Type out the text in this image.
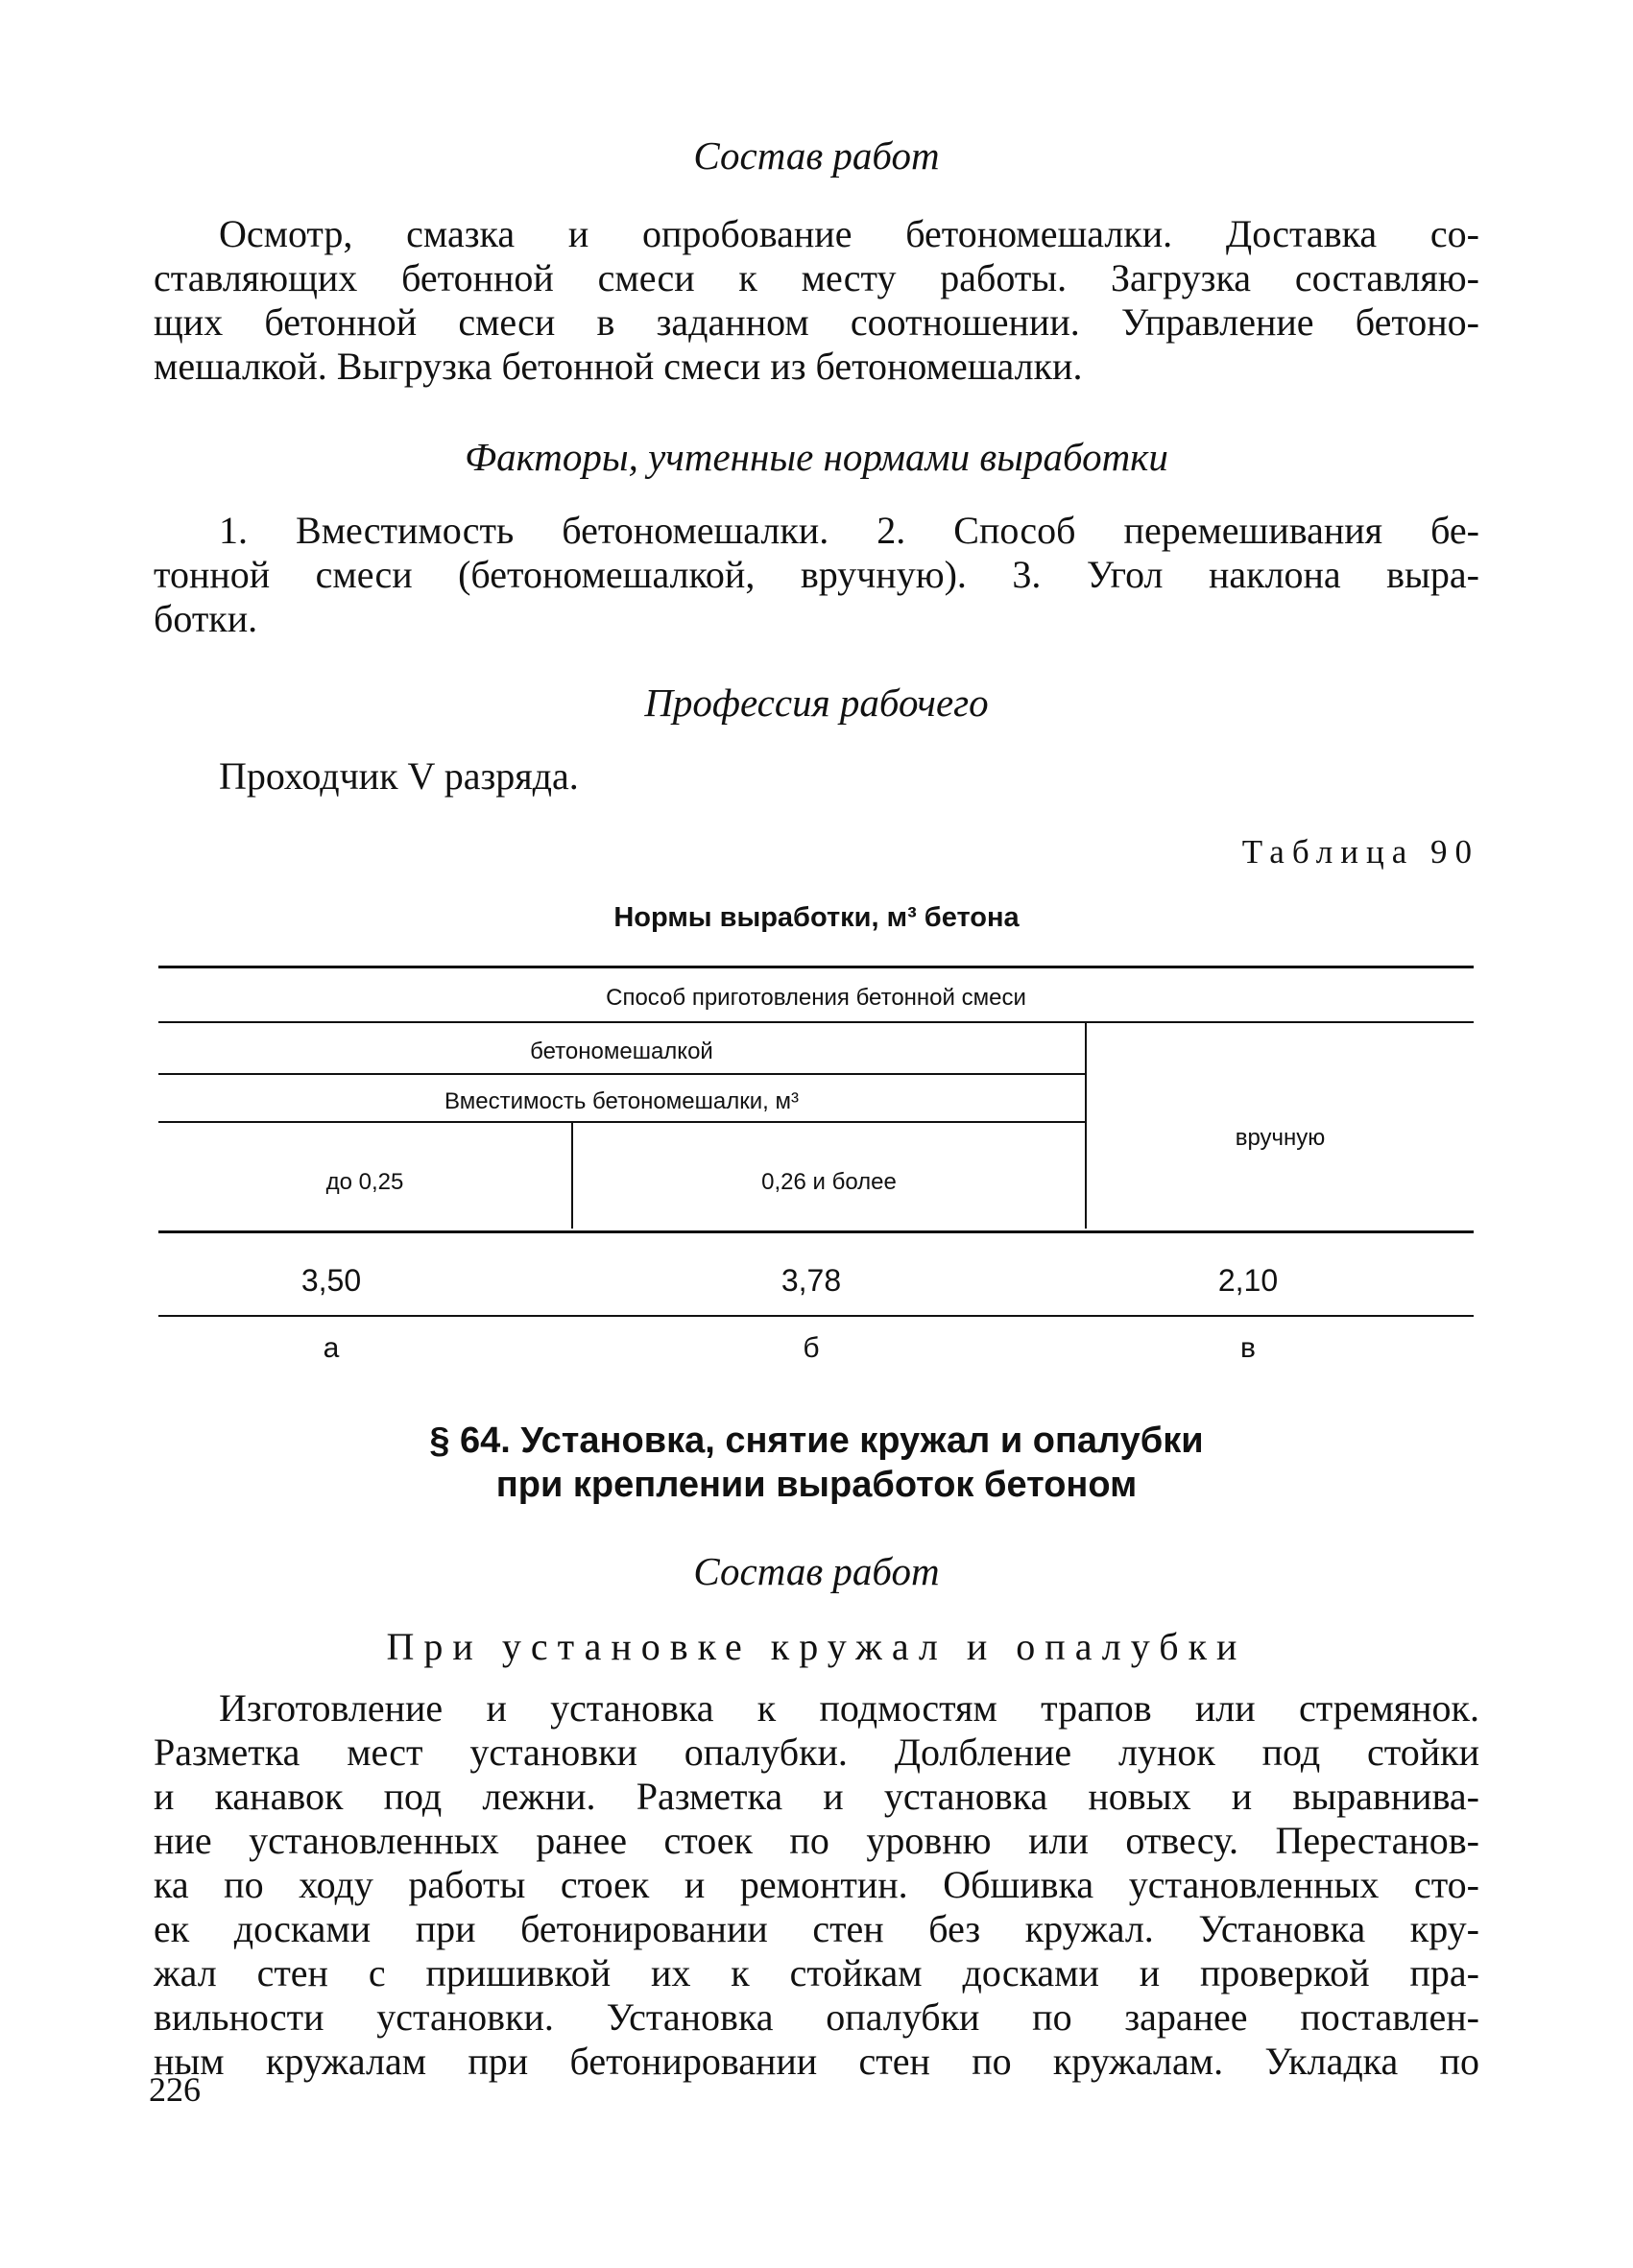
Состав работ
Осмотр, смазка и опробование бетономешалки. Доставка со-
ставляющих бетонной смеси к месту работы. Загрузка составляю-
щих бетонной смеси в заданном соотношении. Управление бетоно-
мешалкой. Выгрузка бетонной смеси из бетономешалки.
Факторы, учтенные нормами выработки
1. Вместимость бетономешалки. 2. Способ перемешивания бе-
тонной смеси (бетономешалкой, вручную). 3. Угол наклона выра-
ботки.
Профессия рабочего
Проходчик V разряда.
Таблица 90
Нормы выработки, м³ бетона
Способ приготовления бетонной смеси
бетономешалкой
Вместимость бетономешалки, м³
до 0,25	0,26 и более
вручную
3,50	3,78	2,10
а	б	в
§ 64. Установка, снятие кружал и опалубки
при креплении выработок бетоном
Состав работ
При установке кружал и опалубки
Изготовление и установка к подмостям трапов или стремянок.
Разметка мест установки опалубки. Долбление лунок под стойки
и канавок под лежни. Разметка и установка новых и выравнива-
ние установленных ранее стоек по уровню или отвесу. Перестанов-
ка по ходу работы стоек и ремонтин. Обшивка установленных сто-
ек досками при бетонировании стен без кружал. Установка кру-
жал стен с пришивкой их к стойкам досками и проверкой пра-
вильности установки. Установка опалубки по заранее поставлен-
ным кружалам при бетонировании стен по кружалам. Укладка по
226
